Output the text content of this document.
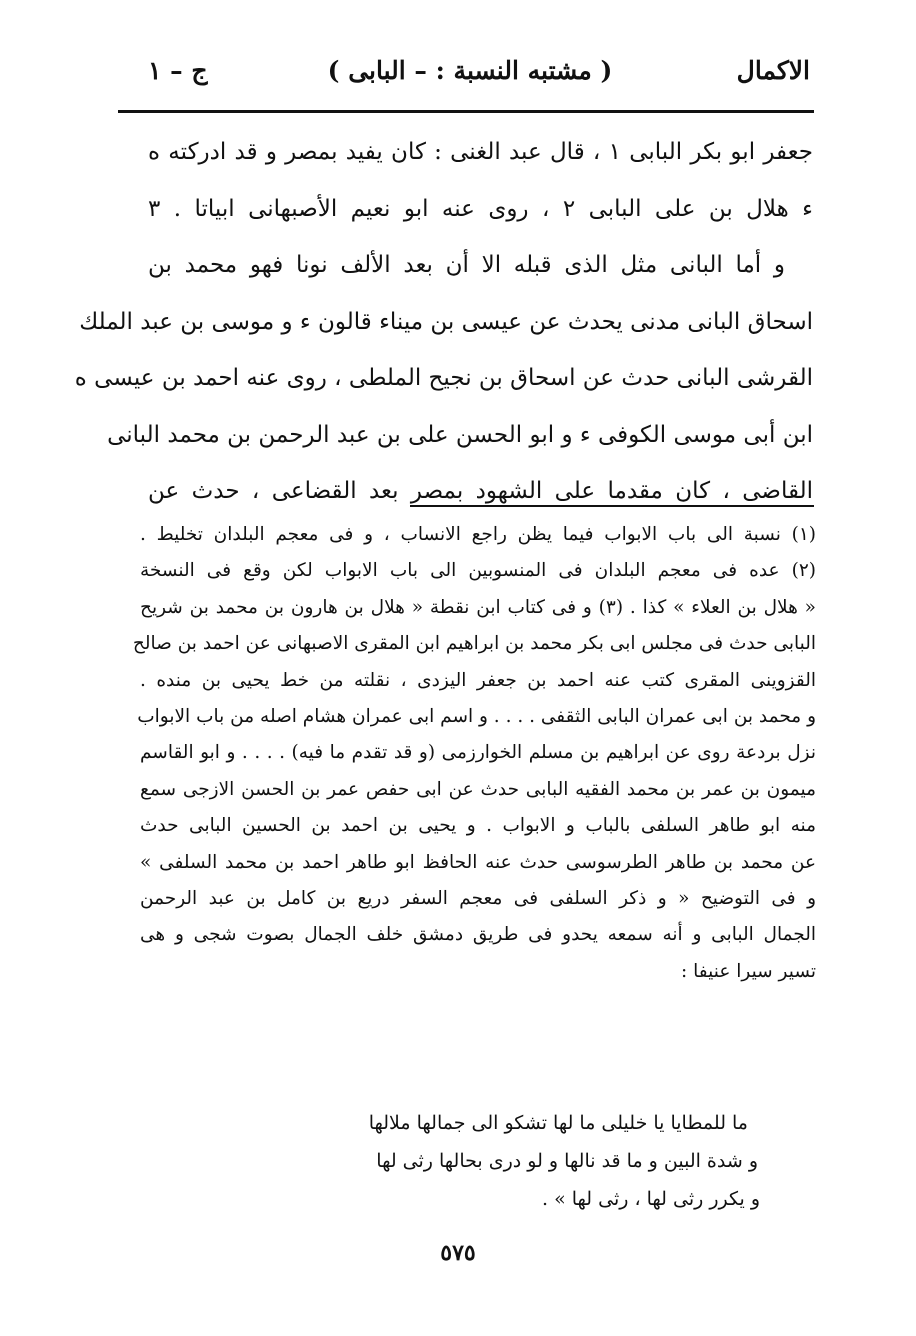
الاكمال
( مشتبه النسبة : – البابى )
ج – ١

جعفر ابو بكر البابى ١ ، قال عبد الغنى : كان يفيد بمصر و قد ادركته ه
ء هلال بن على البابى ٢ ، روى عنه ابو نعيم الأصبهانى ابياتا . ٣

و أما البانى مثل الذى قبله الا أن بعد الألف نونا فهو محمد بن
اسحاق البانى مدنى يحدث عن عيسى بن ميناء قالون ء و موسى بن عبد الملك
القرشى البانى حدث عن اسحاق بن نجيح الملطى ، روى عنه احمد بن عيسى ه
ابن أبى موسى الكوفى ء و ابو الحسن على بن عبد الرحمن بن محمد البانى
القاضى ، كان مقدما على الشهود بمصر بعد القضاعى ، حدث عن

(١) نسبة الى باب الابواب فيما يظن راجع الانساب ، و فى معجم البلدان تخليط .
(٢) عده فى معجم البلدان فى المنسوبين الى باب الابواب لكن وقع فى النسخة
« هلال بن العلاء » كذا . (٣) و فى كتاب ابن نقطة « هلال بن هارون بن محمد بن شريح
البابى حدث فى مجلس ابى بكر محمد بن ابراهيم ابن المقرى الاصبهانى عن احمد بن صالح
القزوينى المقرى كتب عنه احمد بن جعفر اليزدى ، نقلته من خط يحيى بن منده .
و محمد بن ابى عمران البابى الثقفى . . . . و اسم ابى عمران هشام اصله من باب الابواب
نزل بردعة روى عن ابراهيم بن مسلم الخوارزمى (و قد تقدم ما فيه) . . . . و ابو القاسم
ميمون بن عمر بن محمد الفقيه البابى حدث عن ابى حفص عمر بن الحسن الازجى سمع
منه ابو طاهر السلفى بالباب و الابواب . و يحيى بن احمد بن الحسين البابى حدث
عن محمد بن طاهر الطرسوسى حدث عنه الحافظ ابو طاهر احمد بن محمد السلفى »
و فى التوضيح « و ذكر السلفى فى معجم السفر دريع بن كامل بن عبد الرحمن
الجمال البابى و أنه سمعه يحدو فى طريق دمشق خلف الجمال بصوت شجى و هى
تسير سيرا عنيفا :
ما للمطايا يا خليلى ما لها تشكو الى جمالها ملالها
و شدة البين و ما قد نالها و لو درى بحالها رثى لها
و يكرر رثى لها ، رثى لها » .
٥٧٥
